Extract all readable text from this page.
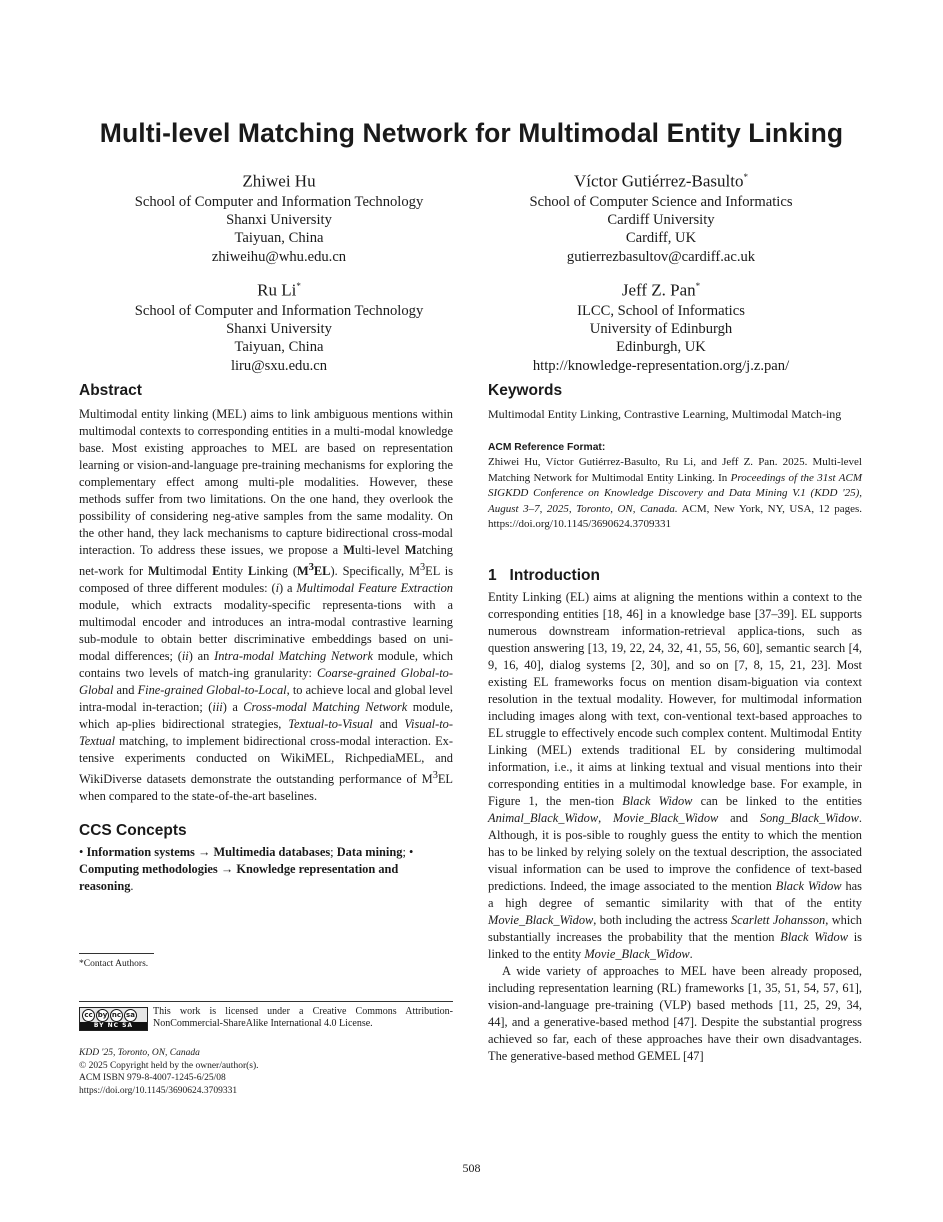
Multi-level Matching Network for Multimodal Entity Linking
Zhiwei Hu
School of Computer and Information Technology
Shanxi University
Taiyuan, China
zhiweihu@whu.edu.cn
Víctor Gutiérrez-Basulto*
School of Computer Science and Informatics
Cardiff University
Cardiff, UK
gutierrezbasultov@cardiff.ac.uk
Ru Li*
School of Computer and Information Technology
Shanxi University
Taiyuan, China
liru@sxu.edu.cn
Jeff Z. Pan*
ILCC, School of Informatics
University of Edinburgh
Edinburgh, UK
http://knowledge-representation.org/j.z.pan/
Abstract
Multimodal entity linking (MEL) aims to link ambiguous mentions within multimodal contexts to corresponding entities in a multi-modal knowledge base. Most existing approaches to MEL are based on representation learning or vision-and-language pre-training mechanisms for exploring the complementary effect among multi-ple modalities. However, these methods suffer from two limitations. On the one hand, they overlook the possibility of considering neg-ative samples from the same modality. On the other hand, they lack mechanisms to capture bidirectional cross-modal interaction. To address these issues, we propose a Multi-level Matching net-work for Multimodal Entity Linking $(M^3EL)$. Specifically, $M^3EL$ is composed of three different modules: (i) a Multimodal Feature Extraction module, which extracts modality-specific representa-tions with a multimodal encoder and introduces an intra-modal contrastive learning sub-module to obtain better discriminative embeddings based on uni-modal differences; (ii) an Intra-modal Matching Network module, which contains two levels of match-ing granularity: Coarse-grained Global-to-Global and Fine-grained Global-to-Local, to achieve local and global level intra-modal in-teraction; (iii) a Cross-modal Matching Network module, which ap-plies bidirectional strategies, Textual-to-Visual and Visual-to-Textual matching, to implement bidirectional cross-modal interaction. Ex-tensive experiments conducted on WikiMEL, RichpediaMEL, and WikiDiverse datasets demonstrate the outstanding performance of $M^3EL$ when compared to the state-of-the-art baselines.
CCS Concepts
• Information systems → Multimedia databases; Data mining; • Computing methodologies → Knowledge representation and reasoning.
*Contact Authors.
cc by nc sa
BY NC SA
This work is licensed under a Creative Commons Attribution-NonCommercial-ShareAlike International 4.0 License.
KDD '25, Toronto, ON, Canada
© 2025 Copyright held by the owner/author(s).
ACM ISBN 979-8-4007-1245-6/25/08
https://doi.org/10.1145/3690624.3709331
Keywords
Multimodal Entity Linking, Contrastive Learning, Multimodal Match-ing
ACM Reference Format:
Zhiwei Hu, Víctor Gutiérrez-Basulto, Ru Li, and Jeff Z. Pan. 2025. Multi-level Matching Network for Multimodal Entity Linking. In Proceedings of the 31st ACM SIGKDD Conference on Knowledge Discovery and Data Mining V.1 (KDD '25), August 3–7, 2025, Toronto, ON, Canada. ACM, New York, NY, USA, 12 pages. https://doi.org/10.1145/3690624.3709331
1 Introduction
Entity Linking (EL) aims at aligning the mentions within a context to the corresponding entities [18, 46] in a knowledge base [37–39]. EL supports numerous downstream information-retrieval applica-tions, such as question answering [13, 19, 22, 24, 32, 41, 55, 56, 60], semantic search [4, 9, 16, 40], dialog systems [2, 30], and so on [7, 8, 15, 21, 23]. Most existing EL frameworks focus on mention disam-biguation via context resolution in the textual modality. However, for multimodal information including images along with text, con-ventional text-based approaches to EL struggle to effectively encode such complex content. Multimodal Entity Linking (MEL) extends traditional EL by considering multimodal information, i.e., it aims at linking textual and visual mentions into their corresponding entities in a multimodal knowledge base. For example, in Figure 1, the men-tion Black Widow can be linked to the entities Animal_Black_Widow, Movie_Black_Widow and Song_Black_Widow. Although, it is pos-sible to roughly guess the entity to which the mention has to be linked by relying solely on the textual description, the associated visual information can be used to improve the confidence of text-based predictions. Indeed, the image associated to the mention Black Widow has a high degree of semantic similarity with that of the entity Movie_Black_Widow, both including the actress Scarlett Johansson, which substantially increases the probability that the mention Black Widow is linked to the entity Movie_Black_Widow.
A wide variety of approaches to MEL have been already proposed, including representation learning (RL) frameworks [1, 35, 51, 54, 57, 61], vision-and-language pre-training (VLP) based methods [11, 25, 29, 34, 44], and a generative-based method [47]. Despite the substantial progress achieved so far, each of these approaches have their own disadvantages. The generative-based method GEMEL [47]
508
